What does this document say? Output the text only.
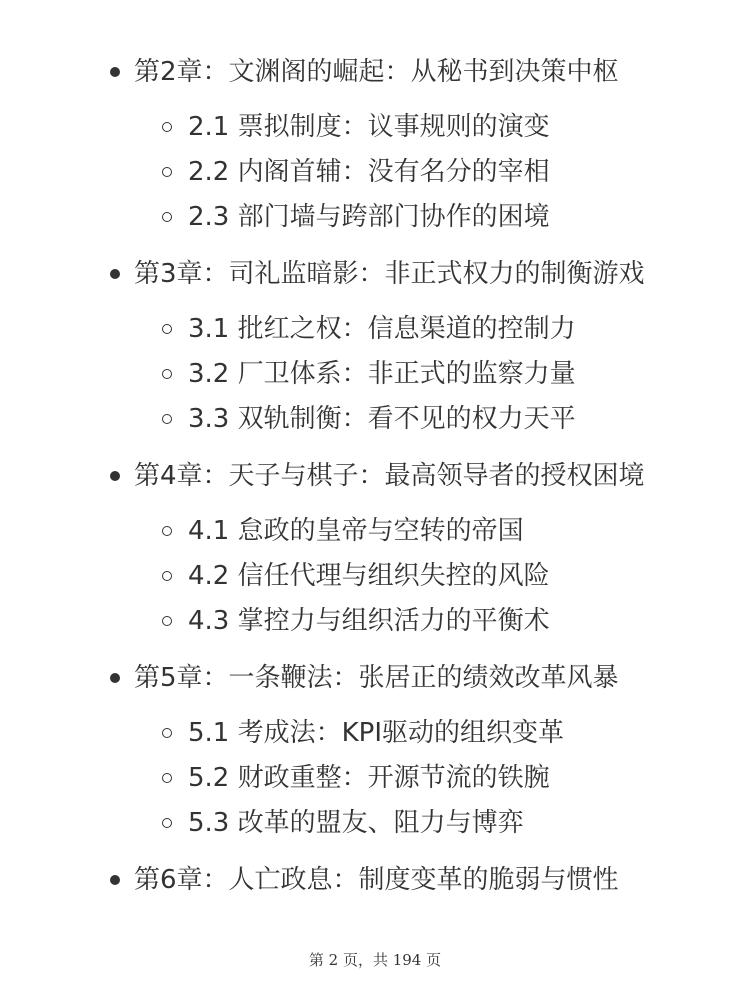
第2章：文渊阁的崛起：从秘书到决策中枢
2.1 票拟制度：议事规则的演变
2.2 内阁首辅：没有名分的宰相
2.3 部门墙与跨部门协作的困境
第3章：司礼监暗影：非正式权力的制衡游戏
3.1 批红之权：信息渠道的控制力
3.2 厂卫体系：非正式的监察力量
3.3 双轨制衡：看不见的权力天平
第4章：天子与棋子：最高领导者的授权困境
4.1 怠政的皇帝与空转的帝国
4.2 信任代理与组织失控的风险
4.3 掌控力与组织活力的平衡术
第5章：一条鞭法：张居正的绩效改革风暴
5.1 考成法：KPI驱动的组织变革
5.2 财政重整：开源节流的铁腕
5.3 改革的盟友、阻力与博弈
第6章：人亡政息：制度变革的脆弱与惯性
第 2 页，共 194 页
